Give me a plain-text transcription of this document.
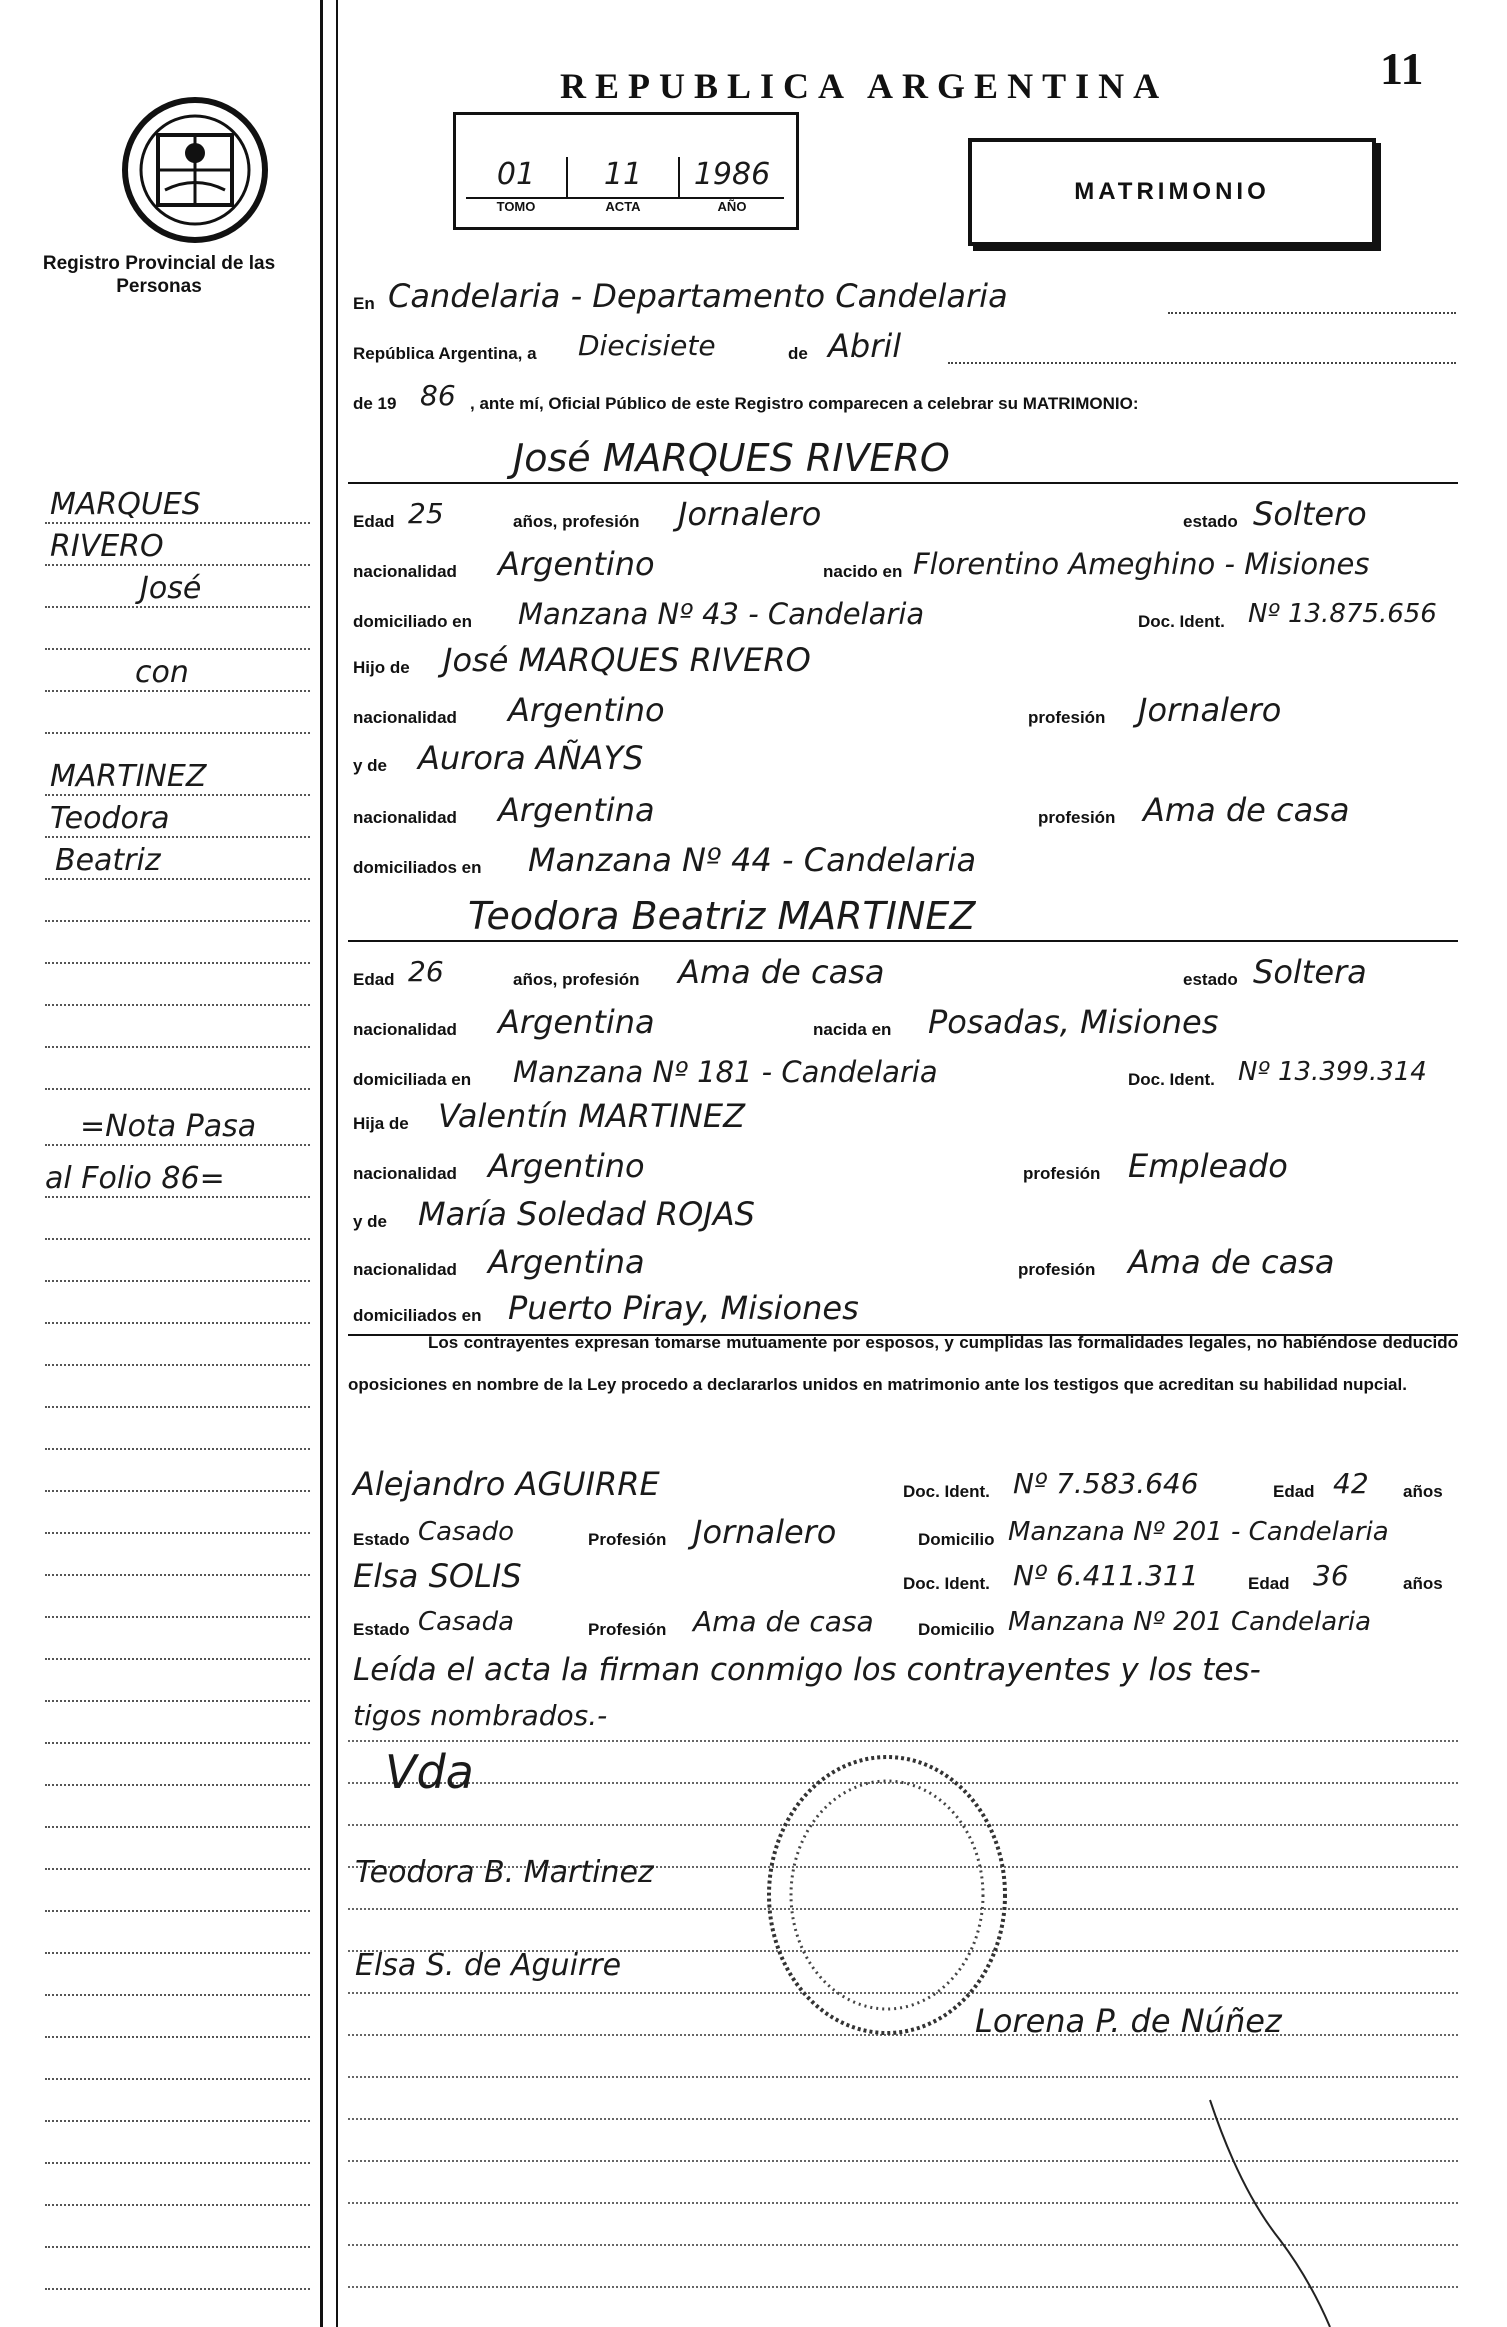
Registro Provincial de las Personas
MARQUES
RIVERO
José
con
MARTINEZ
Teodora
Beatriz
=Nota Pasa
al Folio 86=
REPUBLICA ARGENTINA	11
01	11	1986
TOMO	ACTA	AÑO
MATRIMONIO
En Candelaria - Departamento Candelaria
República Argentina, a Diecisiete	de Abril
de 19 86 , ante mí, Oficial Público de este Registro comparecen a celebrar su MATRIMONIO:
José MARQUES RIVERO
Edad 25	años, profesión Jornalero	estado Soltero
nacionalidad Argentino	nacido en Florentino Ameghino - Misiones
domiciliado en Manzana Nº 43 - Candelaria	Doc. Ident. Nº 13.875.656
Hijo de José MARQUES RIVERO
nacionalidad Argentino	profesión Jornalero
y de Aurora AÑAYS
nacionalidad Argentina	profesión Ama de casa
domiciliados en Manzana Nº 44 - Candelaria
Teodora Beatriz MARTINEZ
Edad 26	años, profesión Ama de casa	estado Soltera
nacionalidad Argentina	nacida en Posadas, Misiones
domiciliada en Manzana Nº 181 - Candelaria	Doc. Ident. Nº 13.399.314
Hija de Valentín MARTINEZ
nacionalidad Argentino	profesión Empleado
y de María Soledad ROJAS
nacionalidad Argentina	profesión Ama de casa
domiciliados en Puerto Piray, Misiones
Los contrayentes expresan tomarse mutuamente por esposos, y cumplidas las formalidades legales, no habiéndose deducido oposiciones en nombre de la Ley procedo a declararlos unidos en matrimonio ante los testigos que acreditan su habilidad nupcial.
Alejandro AGUIRRE	Doc. Ident. Nº 7.583.646	Edad 42 años
Estado Casado	Profesión Jornalero	Domicilio Manzana Nº 201 - Candelaria
Elsa SOLIS	Doc. Ident. Nº 6.411.311	Edad 36	años
Estado Casada	Profesión Ama de casa	Domicilio Manzana Nº 201 Candelaria
Leída el acta la firman conmigo los contrayentes y los tes-
tigos nombrados.-
Vda
Teodora B. Martinez
Elsa S. de Aguirre
Lorena P. de Núñez
